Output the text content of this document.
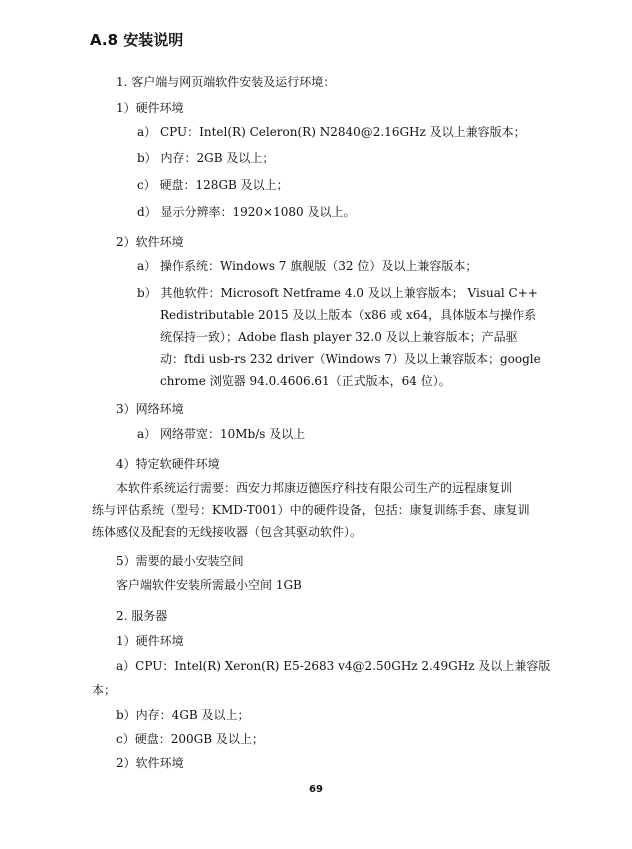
A.8 安装说明
1. 客户端与网页端软件安装及运行环境：
1）硬件环境
a） CPU：Intel(R) Celeron(R) N2840@2.16GHz 及以上兼容版本；
b） 内存：2GB 及以上；
c） 硬盘：128GB 及以上；
d） 显示分辨率：1920×1080 及以上。
2）软件环境
a） 操作系统：Windows 7 旗舰版（32 位）及以上兼容版本；
b） 其他软件：Microsoft Netframe 4.0 及以上兼容版本； Visual C++
Redistributable 2015 及以上版本（x86 或 x64，具体版本与操作系
统保持一致）；Adobe flash player 32.0 及以上兼容版本；产品驱
动：ftdi usb-rs 232 driver（Windows 7）及以上兼容版本；google
chrome 浏览器 94.0.4606.61（正式版本，64 位）。
3）网络环境
a） 网络带宽：10Mb/s 及以上
4）特定软硬件环境
本软件系统运行需要：西安力邦康迈德医疗科技有限公司生产的远程康复训
练与评估系统（型号：KMD-T001）中的硬件设备，包括：康复训练手套、康复训
练体感仪及配套的无线接收器（包含其驱动软件）。
5）需要的最小安装空间
客户端软件安装所需最小空间 1GB
2. 服务器
1）硬件环境
a）CPU：Intel(R) Xeron(R) E5-2683 v4@2.50GHz 2.49GHz 及以上兼容版
本；
b）内存：4GB 及以上；
c）硬盘：200GB 及以上；
2）软件环境
69
